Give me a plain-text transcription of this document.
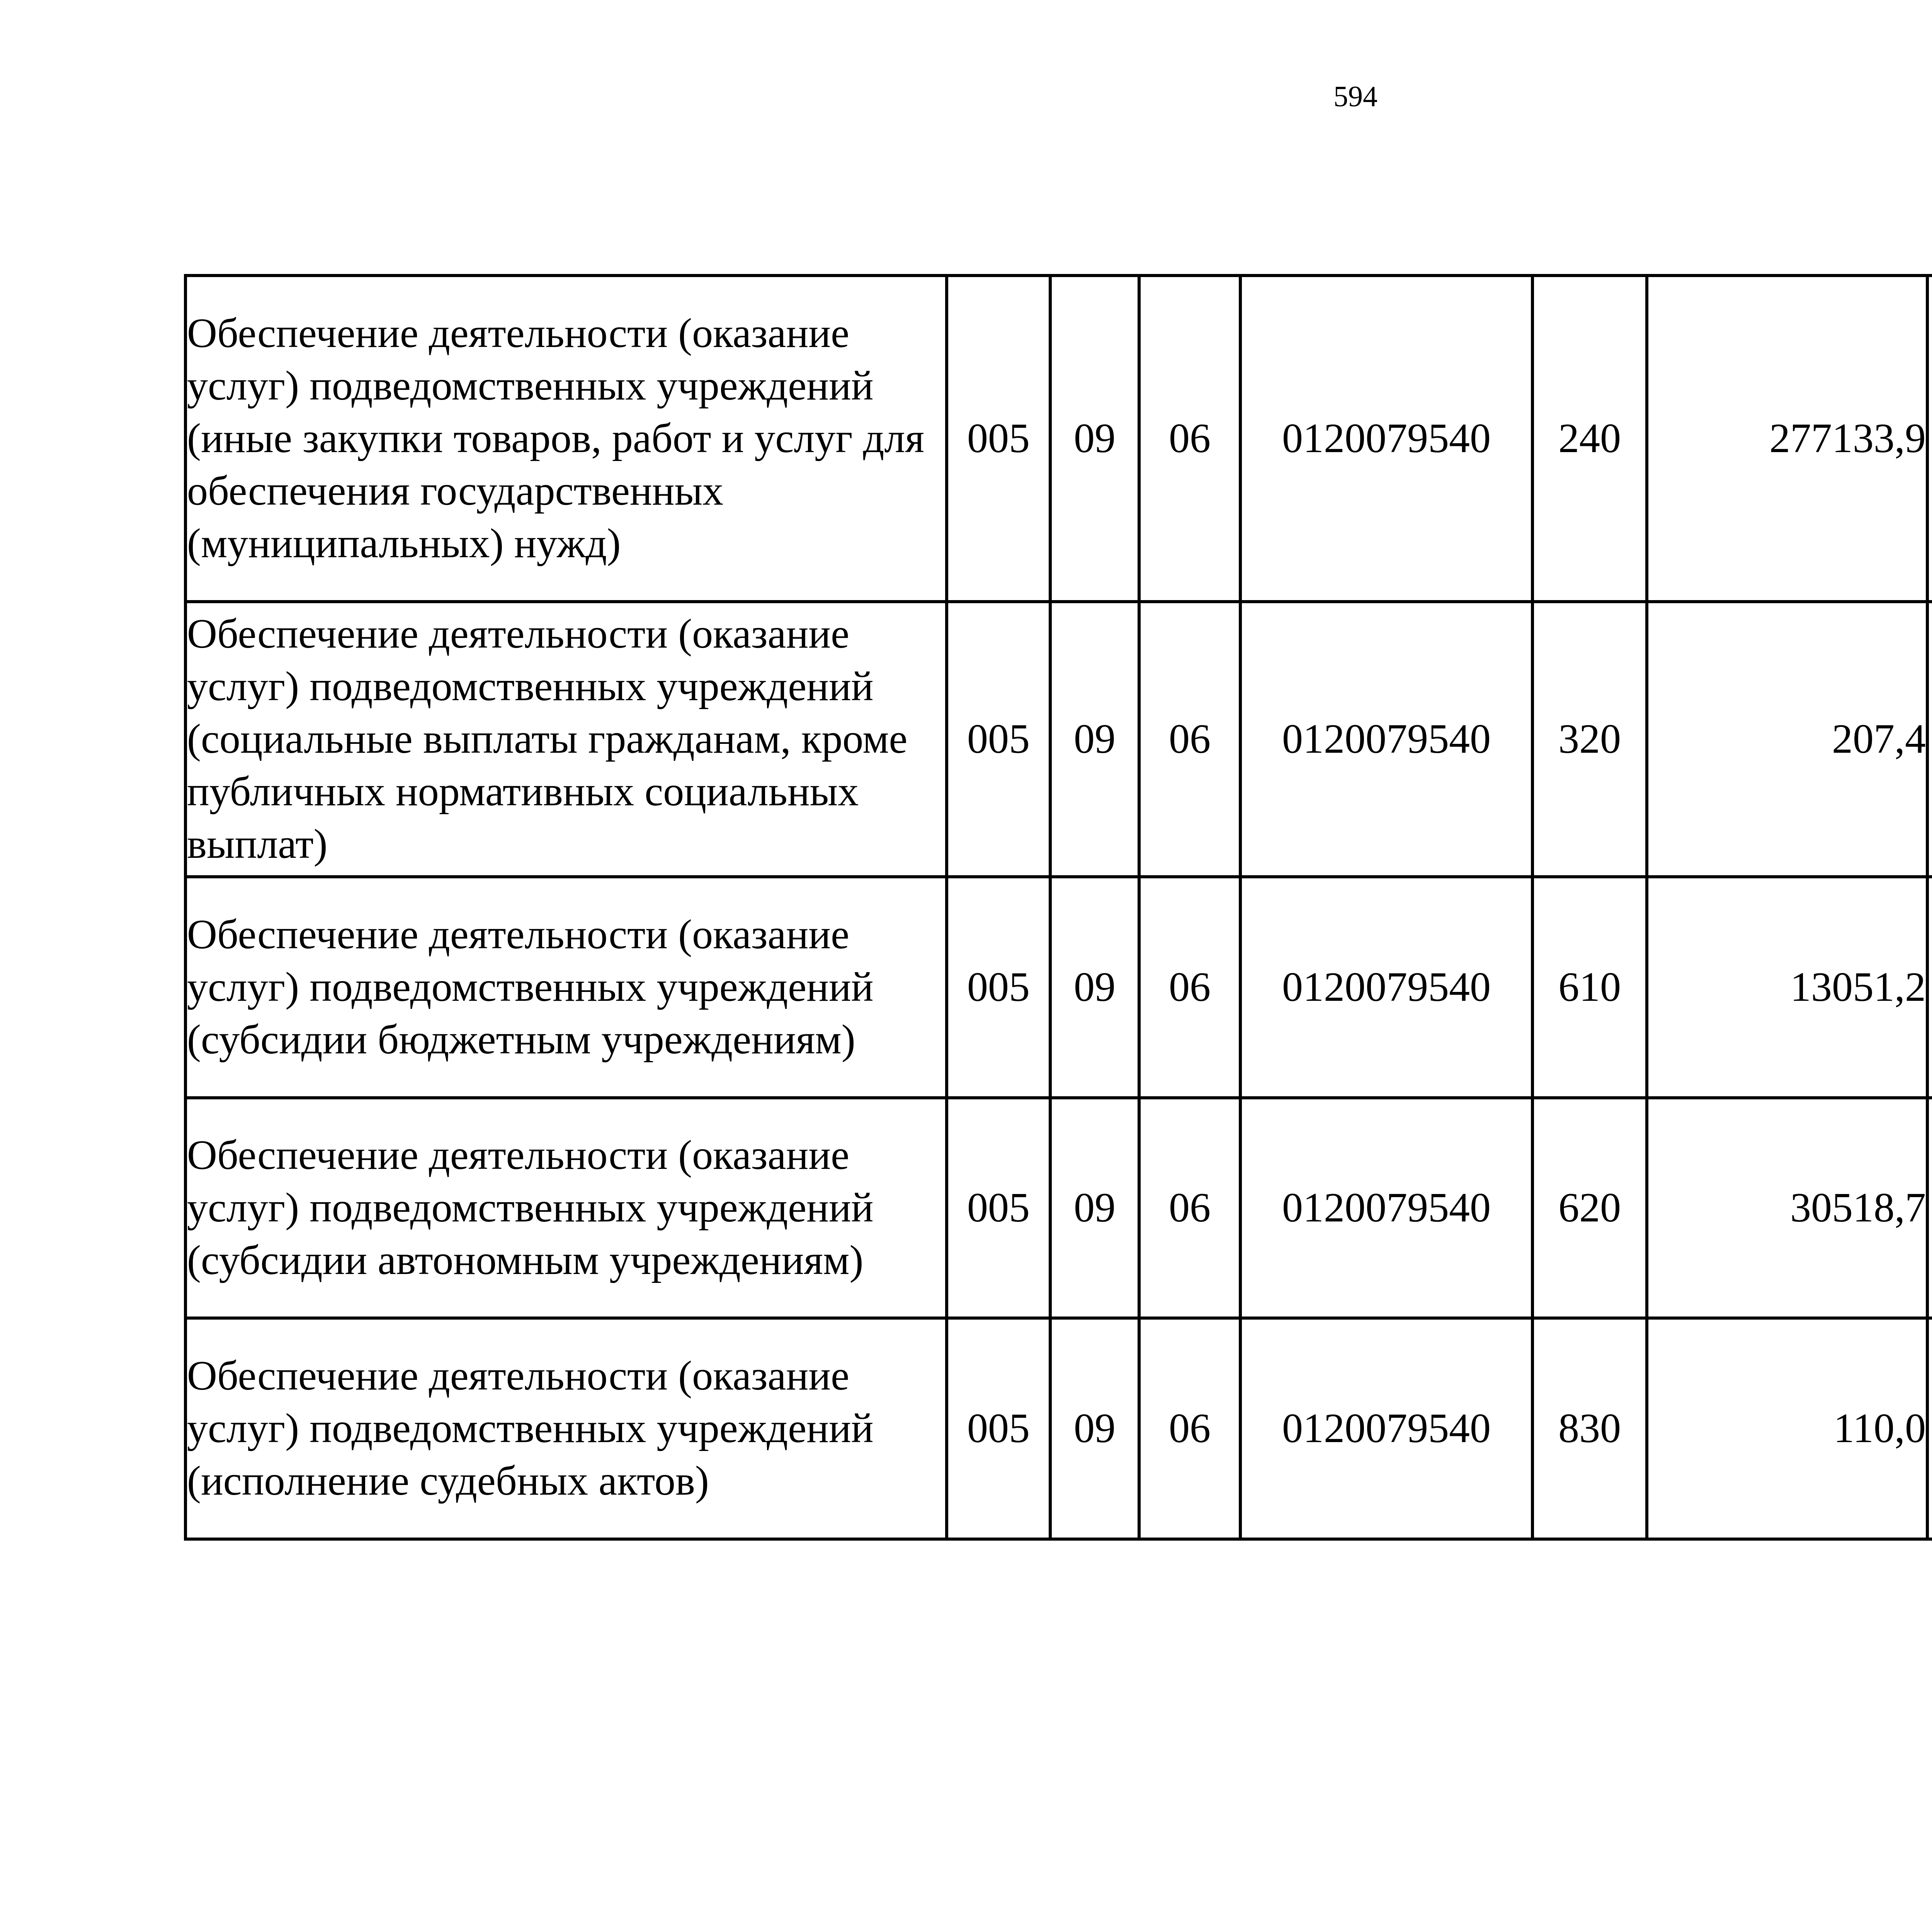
594
Обеспечение деятельности (оказание услуг) подведомственных учреждений (иные закупки товаров, работ и услуг для обеспечения государственных (муниципальных) нужд)	005	09	06	0120079540	240	277133,9		
Обеспечение деятельности (оказание услуг) подведомственных учреждений (социальные выплаты гражданам, кроме публичных нормативных социальных выплат)	005	09	06	0120079540	320	207,4		
Обеспечение деятельности (оказание услуг) подведомственных учреждений (субсидии бюджетным учреждениям)	005	09	06	0120079540	610	13051,2		
Обеспечение деятельности (оказание услуг) подведомственных учреждений (субсидии автономным учреждениям)	005	09	06	0120079540	620	30518,7		
Обеспечение деятельности (оказание услуг) подведомственных учреждений (исполнение судебных актов)	005	09	06	0120079540	830	110,0		
